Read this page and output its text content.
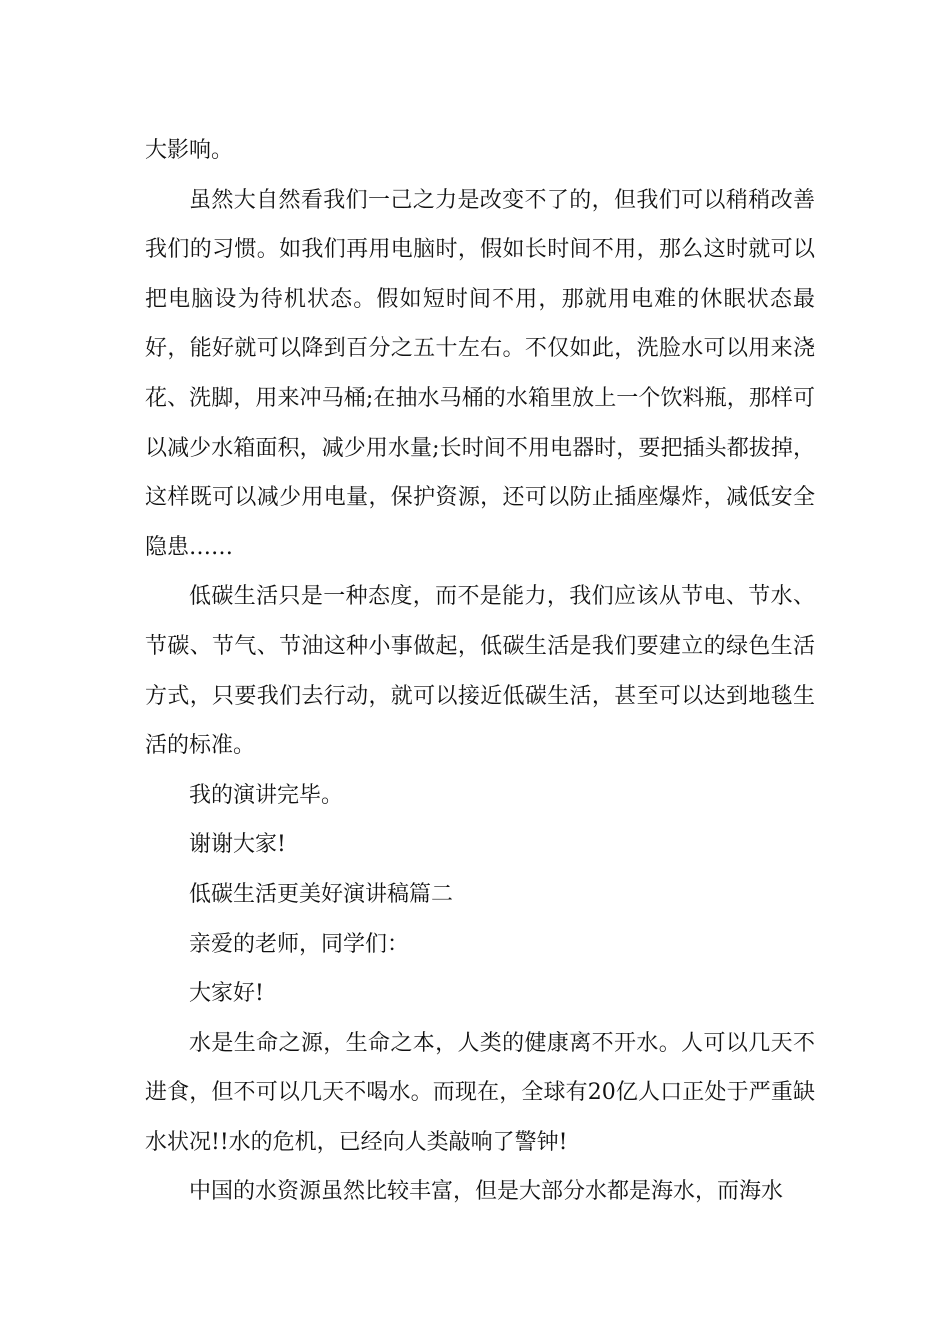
大影响。

虽然大自然看我们一己之力是改变不了的，但我们可以稍稍改善我们的习惯。如我们再用电脑时，假如长时间不用，那么这时就可以把电脑设为待机状态。假如短时间不用，那就用电难的休眠状态最好，能好就可以降到百分之五十左右。不仅如此，洗脸水可以用来浇花、洗脚，用来冲马桶;在抽水马桶的水箱里放上一个饮料瓶，那样可以减少水箱面积，减少用水量;长时间不用电器时，要把插头都拔掉，这样既可以减少用电量，保护资源，还可以防止插座爆炸，减低安全隐患……

低碳生活只是一种态度，而不是能力，我们应该从节电、节水、节碳、节气、节油这种小事做起，低碳生活是我们要建立的绿色生活方式，只要我们去行动，就可以接近低碳生活，甚至可以达到地毯生活的标准。

我的演讲完毕。

谢谢大家!

低碳生活更美好演讲稿篇二

亲爱的老师，同学们：

大家好!

水是生命之源，生命之本，人类的健康离不开水。人可以几天不进食，但不可以几天不喝水。而现在，全球有20亿人口正处于严重缺水状况!!水的危机，已经向人类敲响了警钟!

中国的水资源虽然比较丰富，但是大部分水都是海水，而海水
